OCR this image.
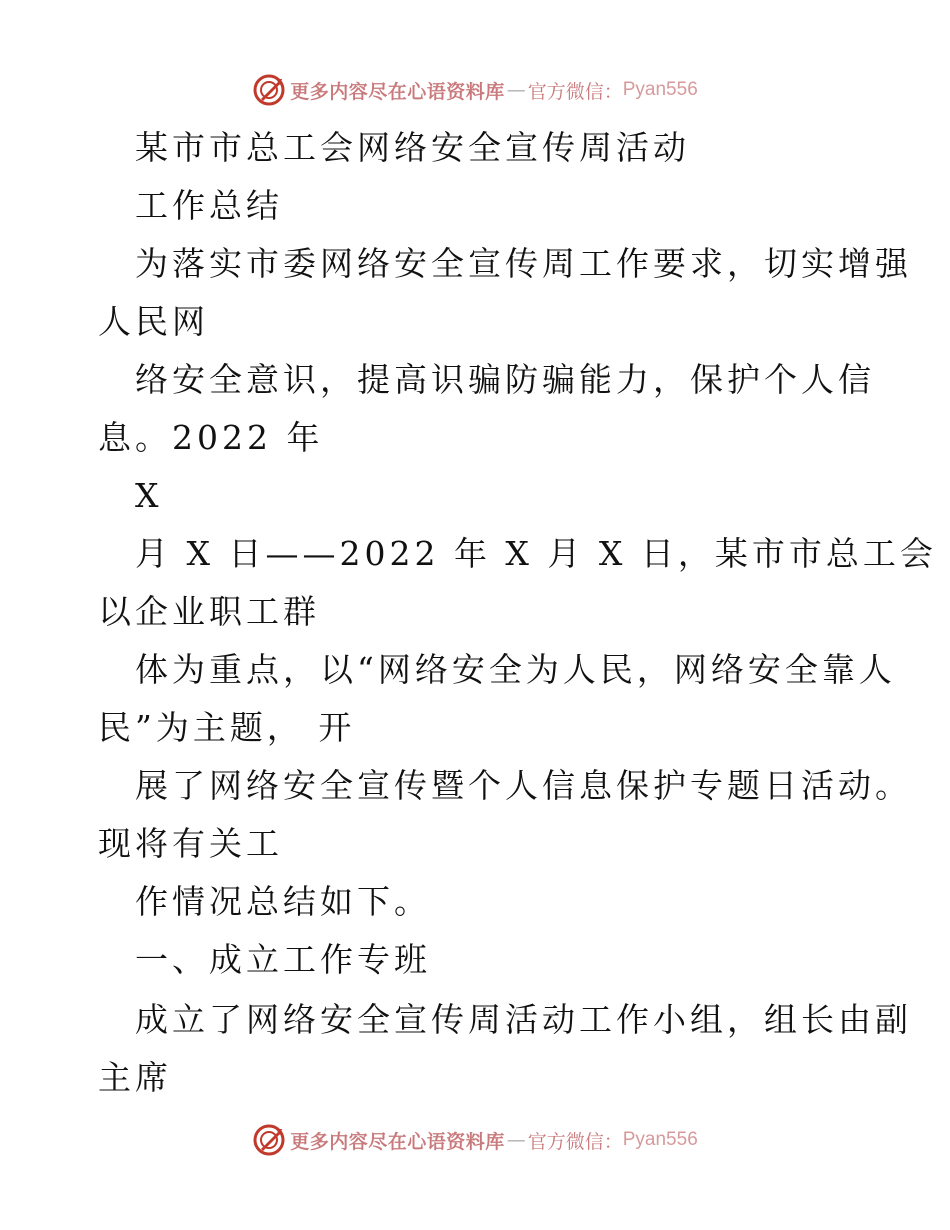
更多内容尽在心语资料库 — 官方微信： Pyan556
某市市总工会网络安全宣传周活动
工作总结
为落实市委网络安全宣传周工作要求，切实增强
人民网
络安全意识，提高识骗防骗能力，保护个人信
息。2022 年
X
月 X 日——2022 年 X 月 X 日，某市市总工会
以企业职工群
体为重点，以“网络安全为人民，网络安全靠人
民”为主题， 开
展了网络安全宣传暨个人信息保护专题日活动。
现将有关工
作情况总结如下。
一、成立工作专班
成立了网络安全宣传周活动工作小组，组长由副
主席
更多内容尽在心语资料库 — 官方微信： Pyan556
